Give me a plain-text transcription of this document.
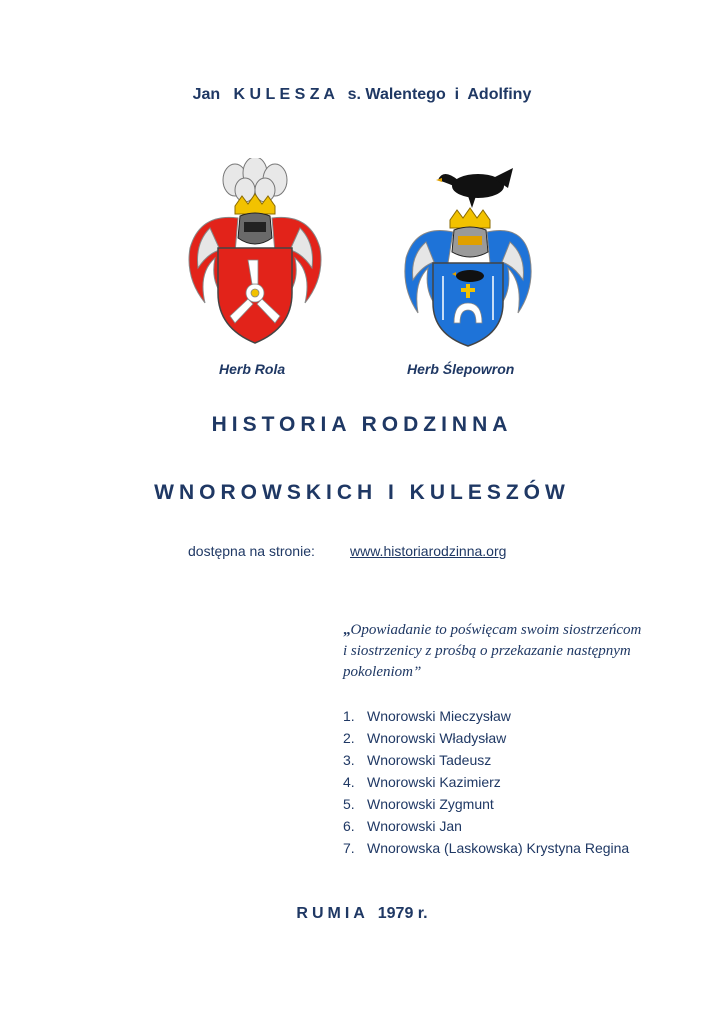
Jan K U L E S Z A s. Walentego  i  Adolfiny
Herb Rola	Herb Ślepowron
HISTORIA RODZINNA
WNOROWSKICH I KULESZÓW
dostępna na stronie:	www.historiarodzinna.org
„Opowiadanie to poświęcam swoim siostrzeńcom i siostrzenicy z prośbą o przekazanie następnym pokoleniom”
1. Wnorowski Mieczysław
2. Wnorowski Władysław
3. Wnorowski Tadeusz
4. Wnorowski Kazimierz
5. Wnorowski Zygmunt
6. Wnorowski Jan
7. Wnorowska (Laskowska) Krystyna Regina
RUMIA 1979 r.
